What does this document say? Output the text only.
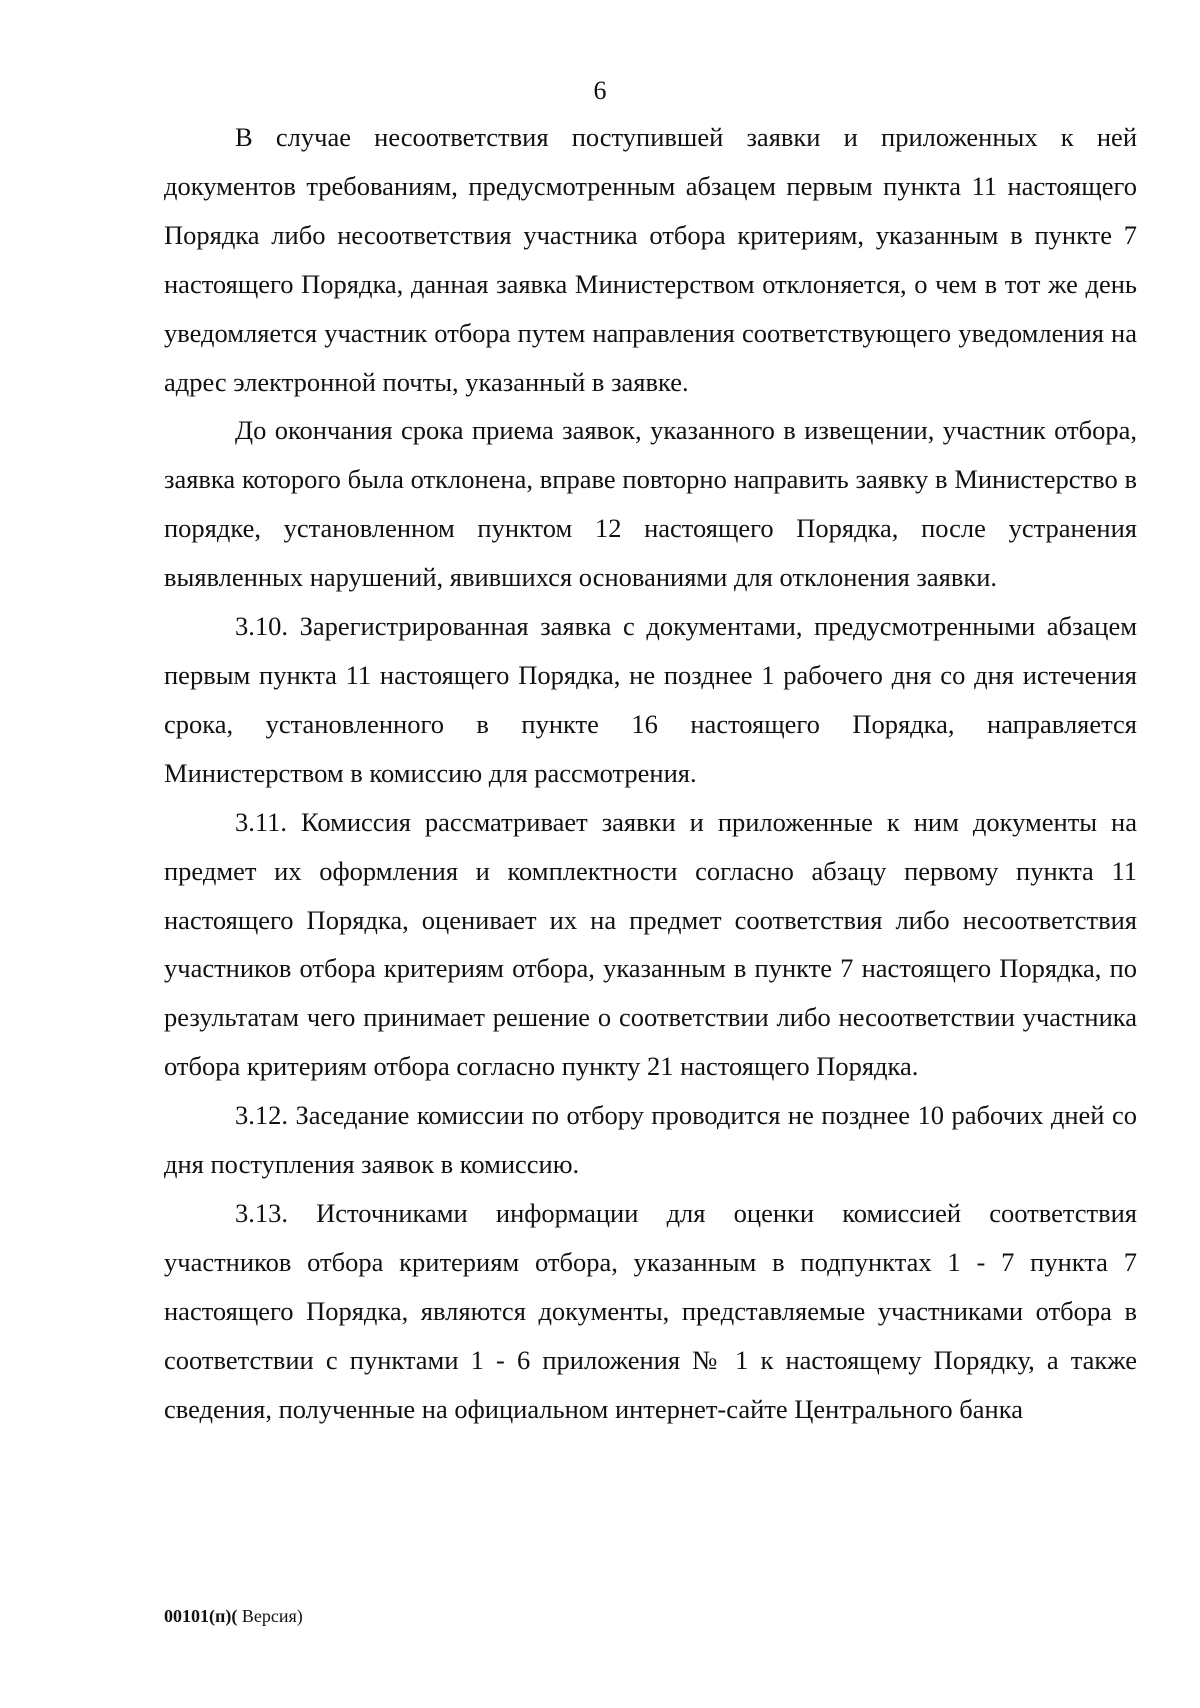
6

В случае несоответствия поступившей заявки и приложенных к ней документов требованиям, предусмотренным абзацем первым пункта 11 настоящего Порядка либо несоответствия участника отбора критериям, указанным в пункте 7 настоящего Порядка, данная заявка Министерством отклоняется, о чем в тот же день уведомляется участник отбора путем направления соответствующего уведомления на адрес электронной почты, указанный в заявке.

До окончания срока приема заявок, указанного в извещении, участник отбора, заявка которого была отклонена, вправе повторно направить заявку в Министерство в порядке, установленном пунктом 12 настоящего Порядка, после устранения выявленных нарушений, явившихся основаниями для отклонения заявки.

3.10. Зарегистрированная заявка с документами, предусмотренными абзацем первым пункта 11 настоящего Порядка, не позднее 1 рабочего дня со дня истечения срока, установленного в пункте 16 настоящего Порядка, направляется Министерством в комиссию для рассмотрения.

3.11. Комиссия рассматривает заявки и приложенные к ним документы на предмет их оформления и комплектности согласно абзацу первому пункта 11 настоящего Порядка, оценивает их на предмет соответствия либо несоответствия участников отбора критериям отбора, указанным в пункте 7 настоящего Порядка, по результатам чего принимает решение о соответствии либо несоответствии участника отбора критериям отбора согласно пункту 21 настоящего Порядка.

3.12. Заседание комиссии по отбору проводится не позднее 10 рабочих дней со дня поступления заявок в комиссию.

3.13. Источниками информации для оценки комиссией соответствия участников отбора критериям отбора, указанным в подпунктах 1 - 7 пункта 7 настоящего Порядка, являются документы, представляемые участниками отбора в соответствии с пунктами 1 - 6 приложения № 1 к настоящему Порядку, а также сведения, полученные на официальном интернет-сайте Центрального банка

00101(п)( Версия)
